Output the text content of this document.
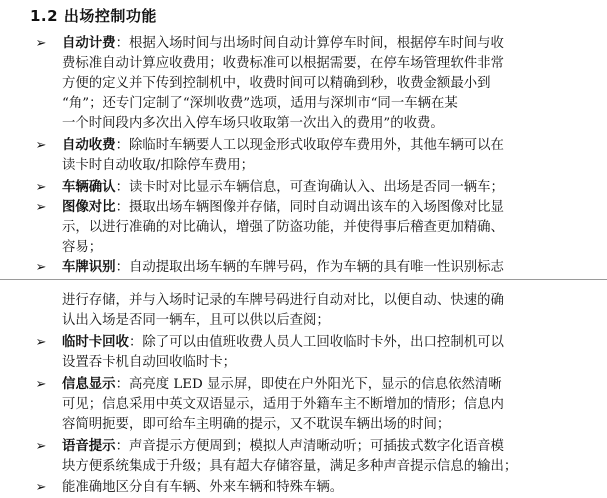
1.2 出场控制功能
➢ 自动计费：根据入场时间与出场时间自动计算停车时间，根据停车时间与收
费标准自动计算应收费用；收费标准可以根据需要，在停车场管理软件非常
方便的定义并下传到控制机中，收费时间可以精确到秒，收费金额最小到
“角”；还专门定制了“深圳收费”选项，适用与深圳市“同一车辆在某
一个时间段内多次出入停车场只收取第一次出入的费用”的收费。
➢ 自动收费：除临时车辆要人工以现金形式收取停车费用外，其他车辆可以在
读卡时自动收取/扣除停车费用；
➢ 车辆确认：读卡时对比显示车辆信息，可查询确认入、出场是否同一辆车；
➢ 图像对比：摄取出场车辆图像并存储，同时自动调出该车的入场图像对比显
示，以进行准确的对比确认，增强了防盗功能，并使得事后稽查更加精确、
容易；
➢ 车牌识别：自动提取出场车辆的车牌号码，作为车辆的具有唯一性识别标志
进行存储，并与入场时记录的车牌号码进行自动对比，以便自动、快速的确
认出入场是否同一辆车，且可以供以后查阅；
➢ 临时卡回收：除了可以由值班收费人员人工回收临时卡外，出口控制机可以
设置吞卡机自动回收临时卡；
➢ 信息显示：高亮度 LED 显示屏，即使在户外阳光下，显示的信息依然清晰
可见；信息采用中英文双语显示，适用于外籍车主不断增加的情形；信息内
容简明扼要，即可给车主明确的提示，又不耽误车辆出场的时间；
➢ 语音提示：声音提示方便周到；模拟人声清晰动听；可插拔式数字化语音模
块方便系统集成于升级；具有超大存储容量，满足多种声音提示信息的输出；
➢ 能准确地区分自有车辆、外来车辆和特殊车辆。
